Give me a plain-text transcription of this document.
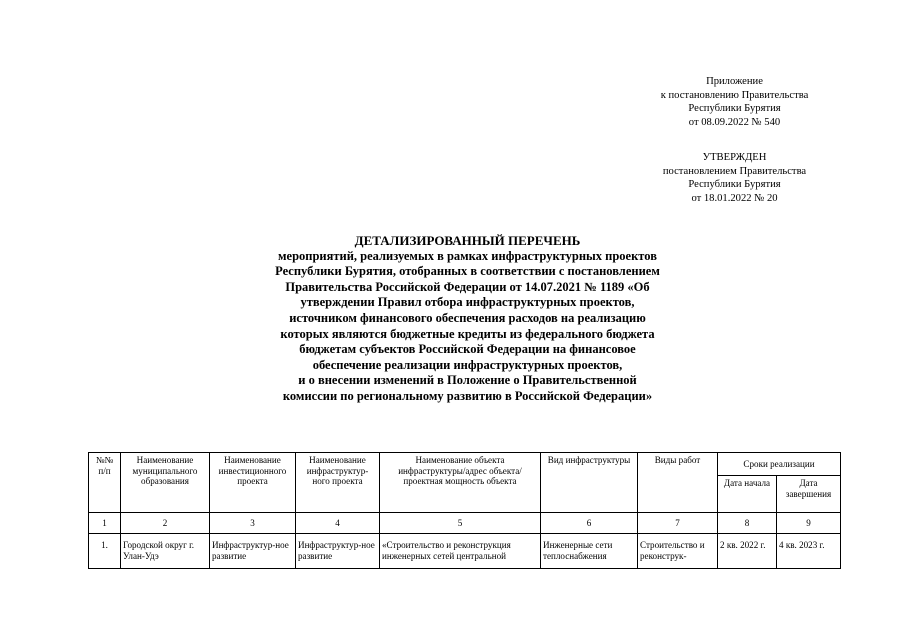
Приложение
к постановлению Правительства
Республики Бурятия
от 08.09.2022 № 540
УТВЕРЖДЕН
постановлением Правительства
Республики Бурятия
от 18.01.2022 № 20
ДЕТАЛИЗИРОВАННЫЙ ПЕРЕЧЕНЬ
мероприятий, реализуемых в рамках инфраструктурных проектов
Республики Бурятия, отобранных в соответствии с постановлением
Правительства Российской Федерации от 14.07.2021 № 1189 «Об
утверждении Правил отбора инфраструктурных проектов,
источником финансового обеспечения расходов на реализацию
которых являются бюджетные кредиты из федерального бюджета
бюджетам субъектов Российской Федерации на финансовое
обеспечение реализации инфраструктурных проектов,
и о внесении изменений в Положение о Правительственной
комиссии по региональному развитию в Российской Федерации»
№№ п/п	Наименование муниципального образования	Наименование инвестиционного проекта	Наименование инфраструктур-ного проекта	Наименование объекта инфраструктуры/адрес объекта/проектная мощность объекта	Вид инфраструктуры	Виды работ	Сроки реализации	
							Дата начала	Дата завершения
1	2	3	4	5	6	7	8	9

1.	Городской округ г. Улан-Удэ	Инфраструктур-ное развитие	Инфраструктур-ное развитие	«Строительство и реконструкция инженерных сетей центральной	Инженерные сети теплоснабжения	Строительство и реконструк-	2 кв. 2022 г.	4 кв. 2023 г.
